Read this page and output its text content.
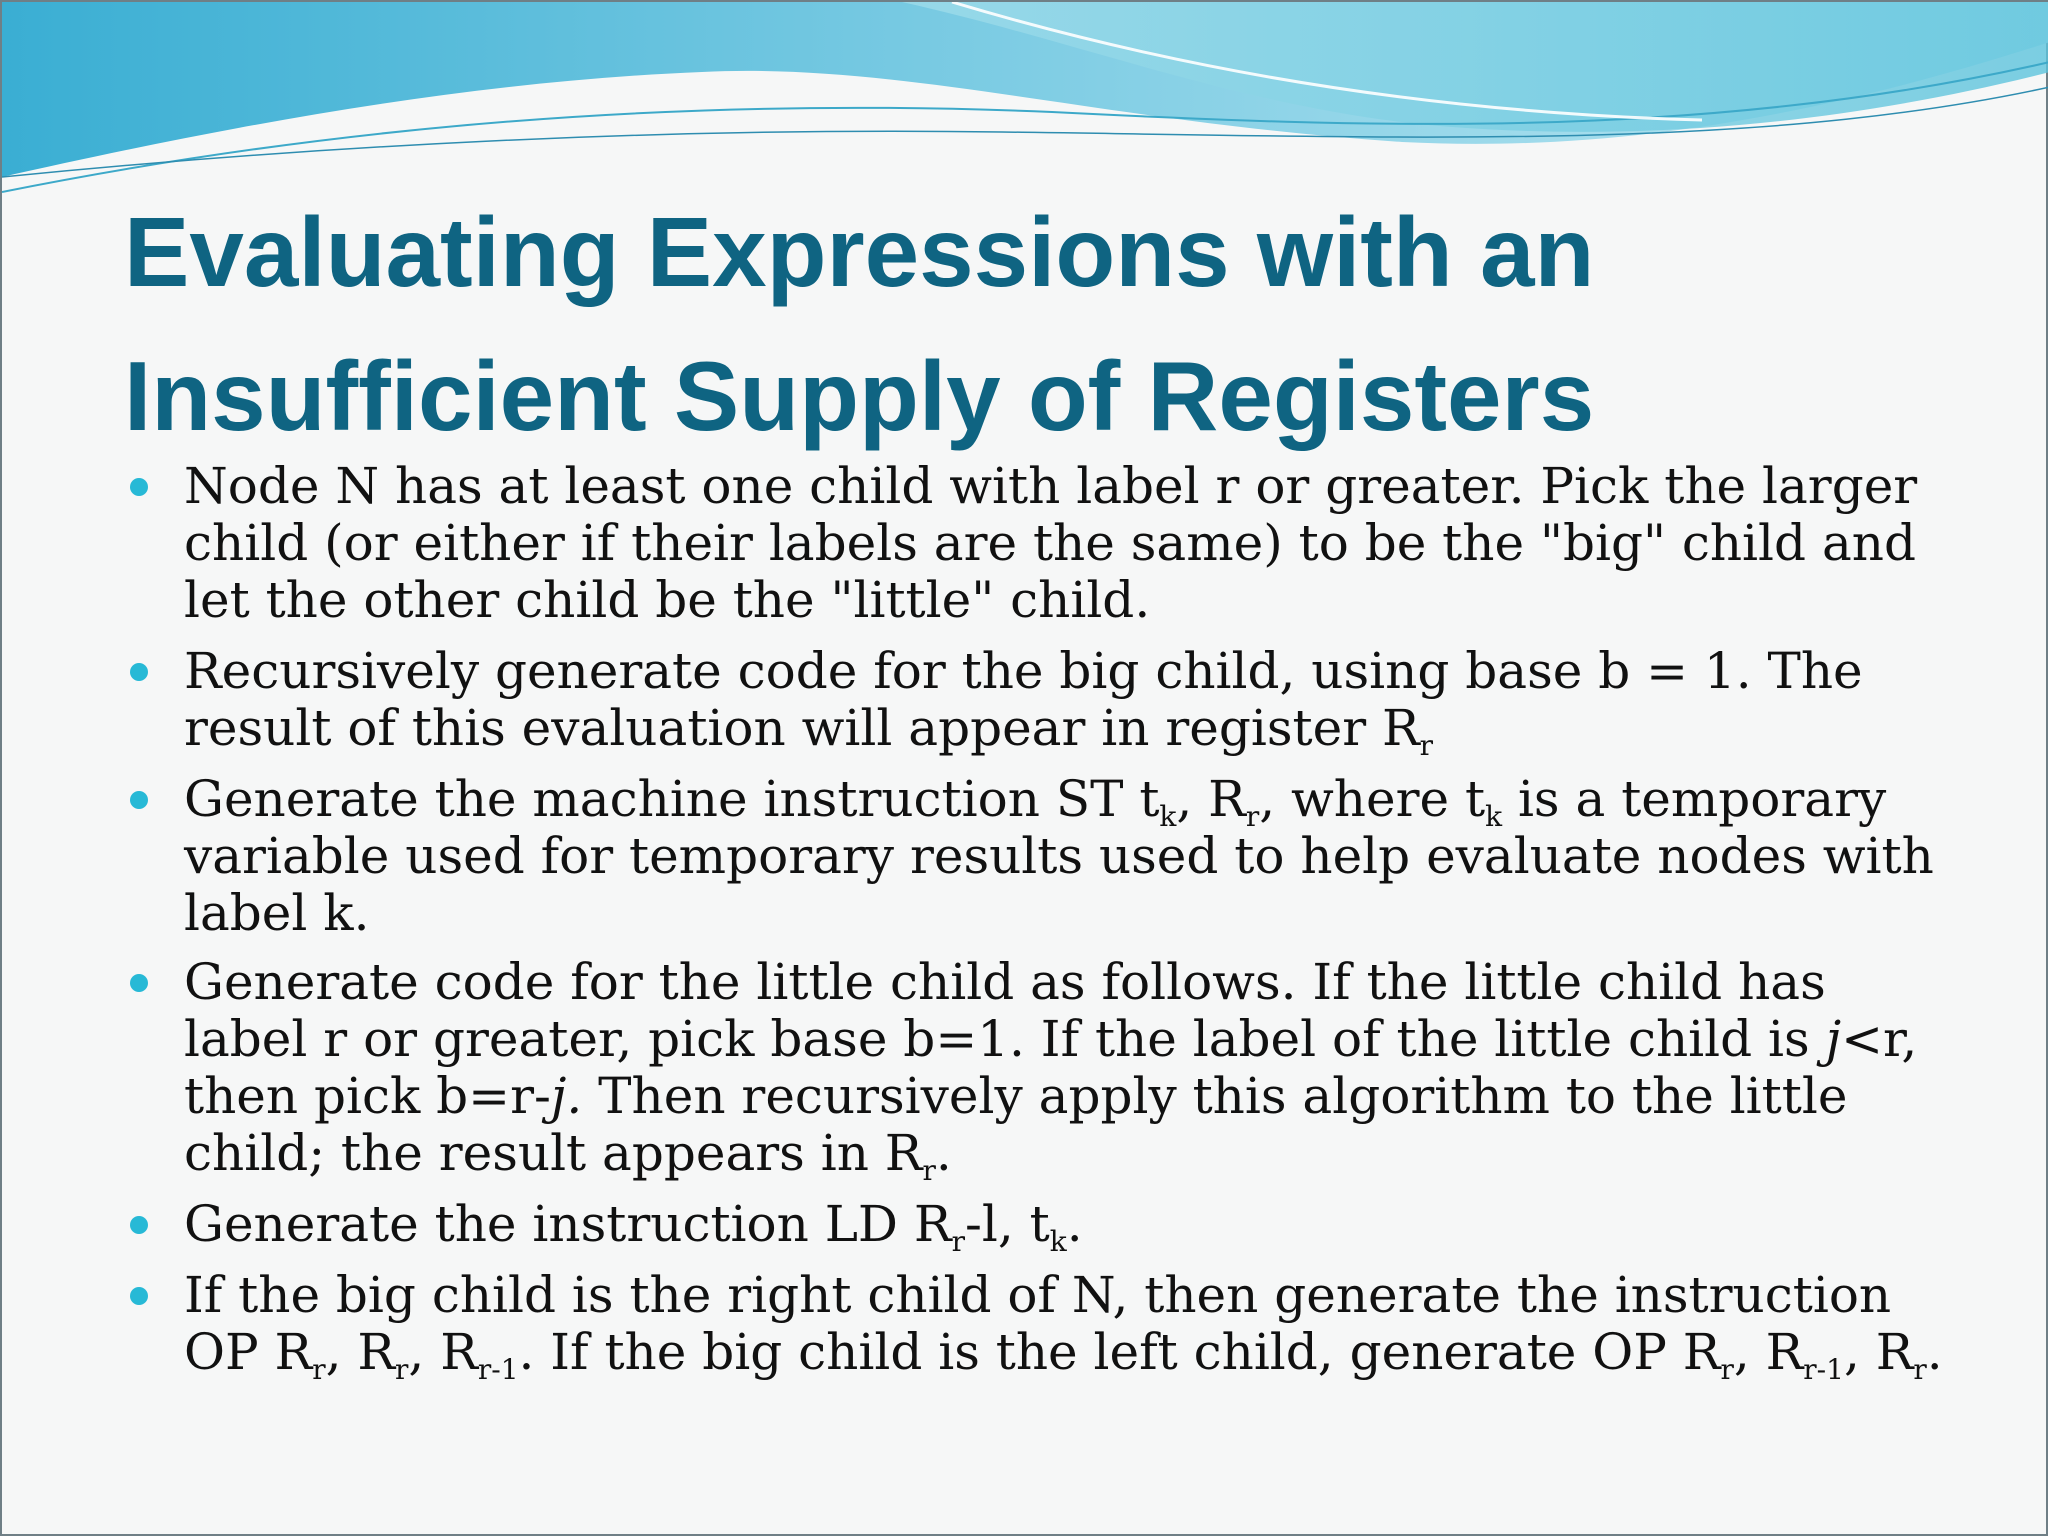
Evaluating Expressions with an
Insufficient Supply of Registers
Node N has at least one child with label r or greater. Pick the larger child (or either if their labels are the same) to be the "big" child and let the other child be the "little" child.
Recursively generate code for the big child, using base b = 1. The result of this evaluation will appear in register $R_r$
Generate the machine instruction ST $t_k$, $R_r$, where $t_k$ is a temporary variable used for temporary results used to help evaluate nodes with label k.
Generate code for the little child as follows. If the little child has label r or greater, pick base b=1. If the label of the little child is j<r, then pick b=r-j. Then recursively apply this algorithm to the little child; the result appears in $R_r$.
Generate the instruction LD $R_r-l$, $t_k$.
If the big child is the right child of N, then generate the instruction OP $R_r$, $R_r$, $R_{r-1}$. If the big child is the left child, generate OP $R_r$, $R_{r-1}$, $R_r$.
